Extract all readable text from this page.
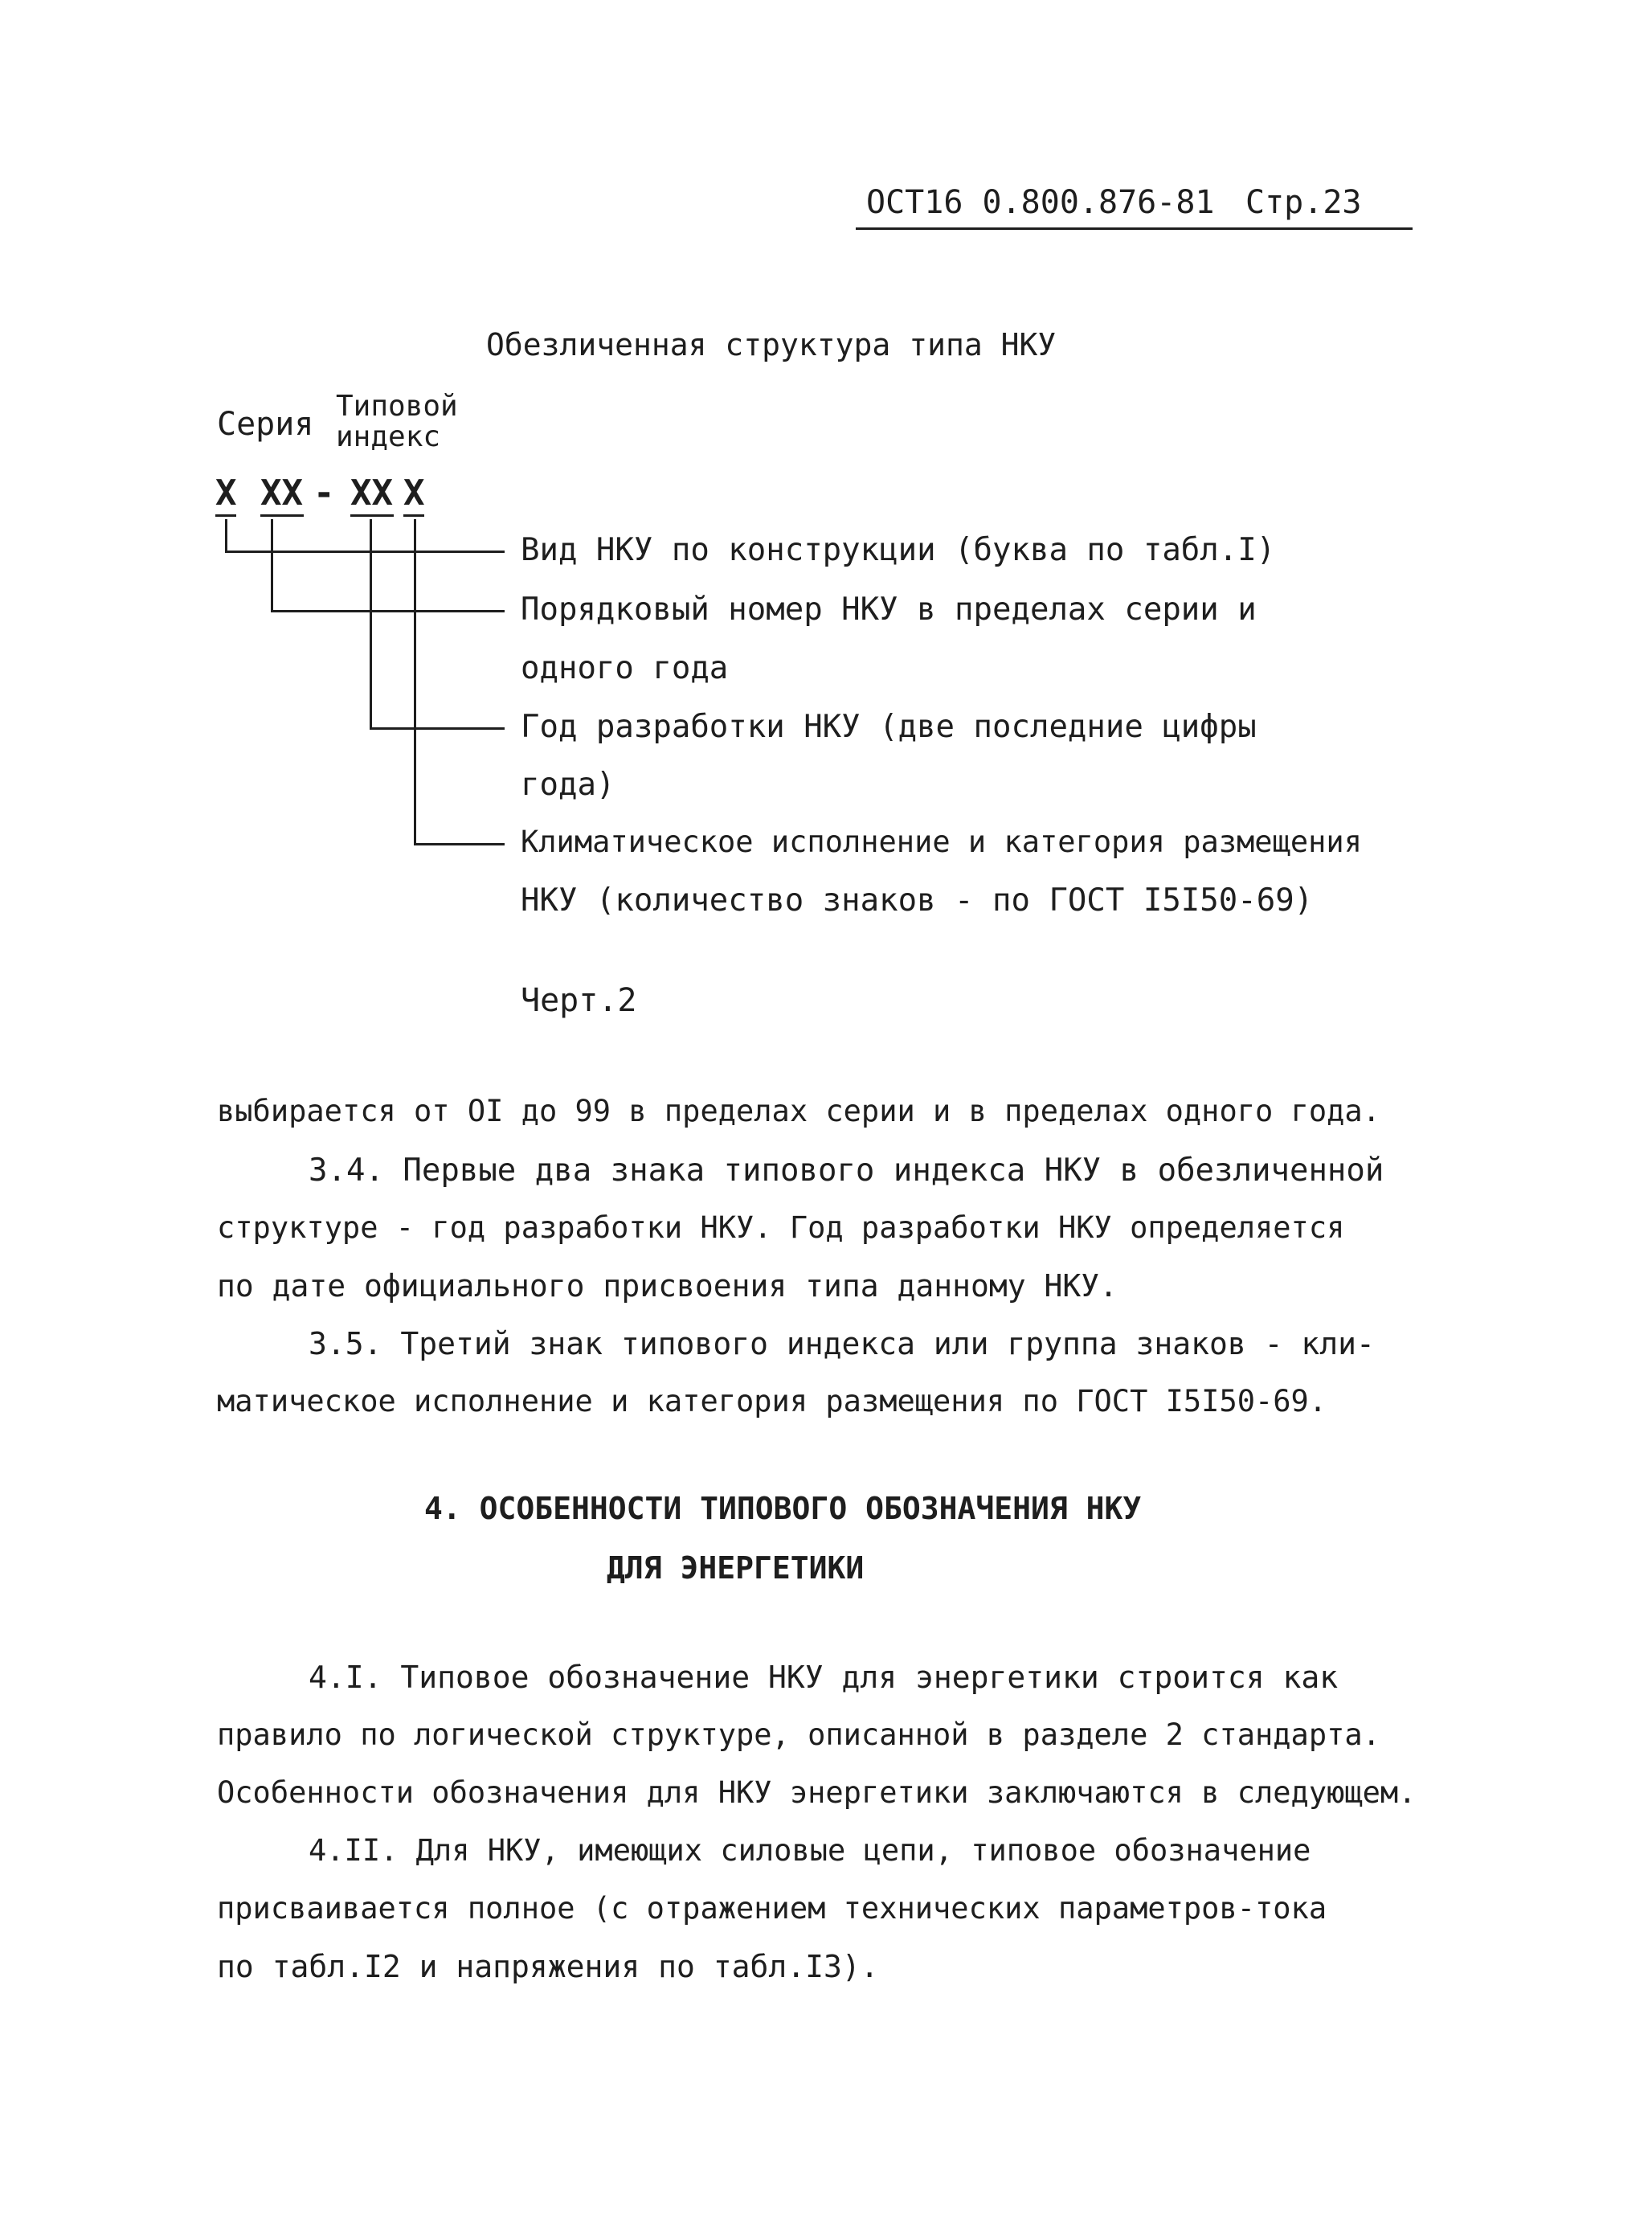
ОСТ16 0.800.876-81 Стр.23
Обезличенная структура типа НКУ
Серия Типовой
индекс
X XX - XX X
Вид НКУ по конструкции (буква по табл.I)
Порядковый номер НКУ в пределах серии и
одного года
Год разработки НКУ (две последние цифры
года)
Климатическое исполнение и категория размещения
НКУ (количество знаков - по ГОСТ I5I50-69)
Черт.2
выбирается от OI до 99 в пределах серии и в пределах одного года.
3.4. Первые два знака типового индекса НКУ в обезличенной
структуре - год разработки НКУ. Год разработки НКУ определяется
по дате официального присвоения типа данному НКУ.
3.5. Третий знак типового индекса или группа знаков - кли-
матическое исполнение и категория размещения по ГОСТ I5I50-69.
4. ОСОБЕННОСТИ ТИПОВОГО ОБОЗНАЧЕНИЯ НКУ
ДЛЯ ЭНЕРГЕТИКИ
4.I. Типовое обозначение НКУ для энергетики строится как
правило по логической структуре, описанной в разделе 2 стандарта.
Особенности обозначения для НКУ энергетики заключаются в следующем.
4.II. Для НКУ, имеющих силовые цепи, типовое обозначение
присваивается полное (с отражением технических параметров-тока
по табл.I2 и напряжения по табл.I3).
